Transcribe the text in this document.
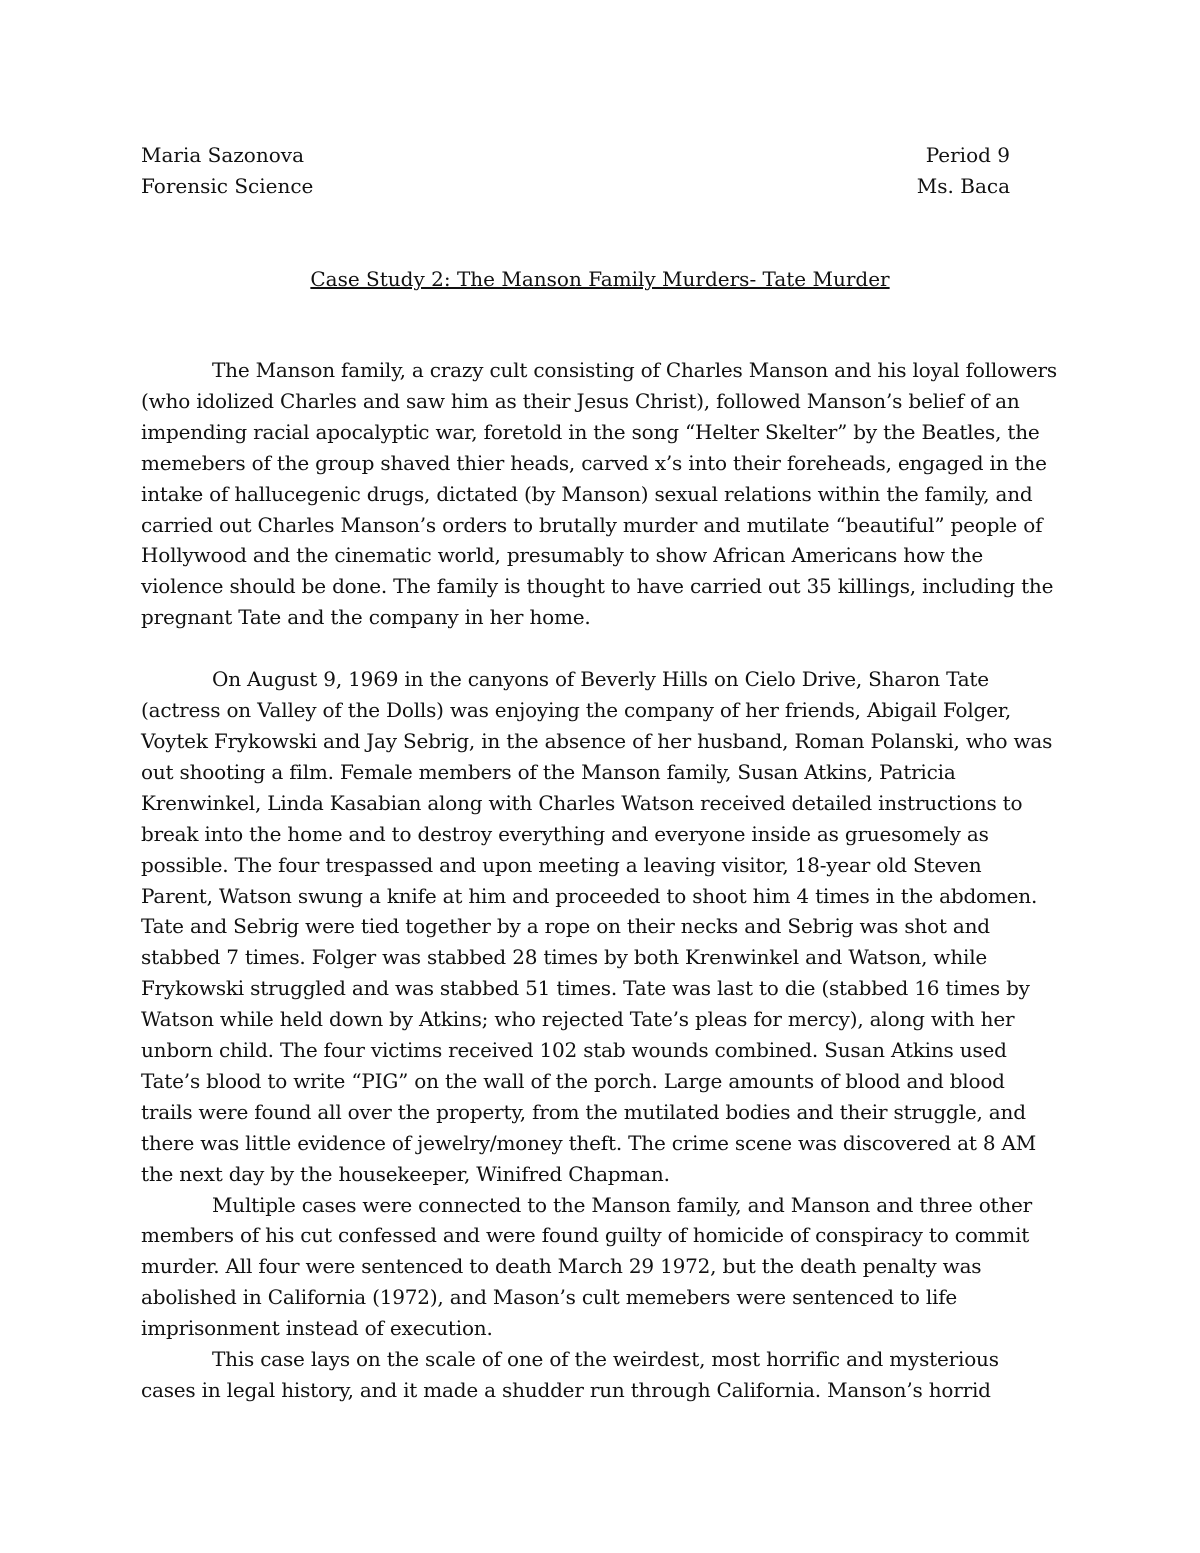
Maria Sazonova	Period 9
Forensic Science	Ms. Baca
Case Study 2: The Manson Family Murders- Tate Murder

The Manson family, a crazy cult consisting of Charles Manson and his loyal followers (who idolized Charles and saw him as their Jesus Christ), followed Manson’s belief of an impending racial apocalyptic war, foretold in the song “Helter Skelter” by the Beatles, the memebers of the group shaved thier heads, carved x’s into their foreheads, engaged in the intake of hallucegenic drugs, dictated (by Manson) sexual relations within the family, and carried out Charles Manson’s orders to brutally murder and mutilate “beautiful” people of Hollywood and the cinematic world, presumably to show African Americans how the violence should be done. The family is thought to have carried out 35 killings, including the pregnant Tate and the company in her home.

On August 9, 1969 in the canyons of Beverly Hills on Cielo Drive, Sharon Tate (actress on Valley of the Dolls) was enjoying the company of her friends, Abigail Folger, Voytek Frykowski and Jay Sebrig, in the absence of her husband, Roman Polanski, who was out shooting a film. Female members of the Manson family, Susan Atkins, Patricia Krenwinkel, Linda Kasabian along with Charles Watson received detailed instructions to break into the home and to destroy everything and everyone inside as gruesomely as possible. The four trespassed and upon meeting a leaving visitor, 18-year old Steven Parent, Watson swung a knife at him and proceeded to shoot him 4 times in the abdomen. Tate and Sebrig were tied together by a rope on their necks and Sebrig was shot and stabbed 7 times. Folger was stabbed 28 times by both Krenwinkel and Watson, while Frykowski struggled and was stabbed 51 times. Tate was last to die (stabbed 16 times by Watson while held down by Atkins; who rejected Tate’s pleas for mercy), along with her unborn child. The four victims received 102 stab wounds combined. Susan Atkins used Tate’s blood to write “PIG” on the wall of the porch. Large amounts of blood and blood trails were found all over the property, from the mutilated bodies and their struggle, and there was little evidence of jewelry/money theft. The crime scene was discovered at 8 AM the next day by the housekeeper, Winifred Chapman.

Multiple cases were connected to the Manson family, and Manson and three other members of his cut confessed and were found guilty of homicide of conspiracy to commit murder. All four were sentenced to death March 29 1972, but the death penalty was abolished in California (1972), and Mason’s cult memebers were sentenced to life imprisonment instead of execution.

This case lays on the scale of one of the weirdest, most horrific and mysterious cases in legal history, and it made a shudder run through California. Manson’s horrid
